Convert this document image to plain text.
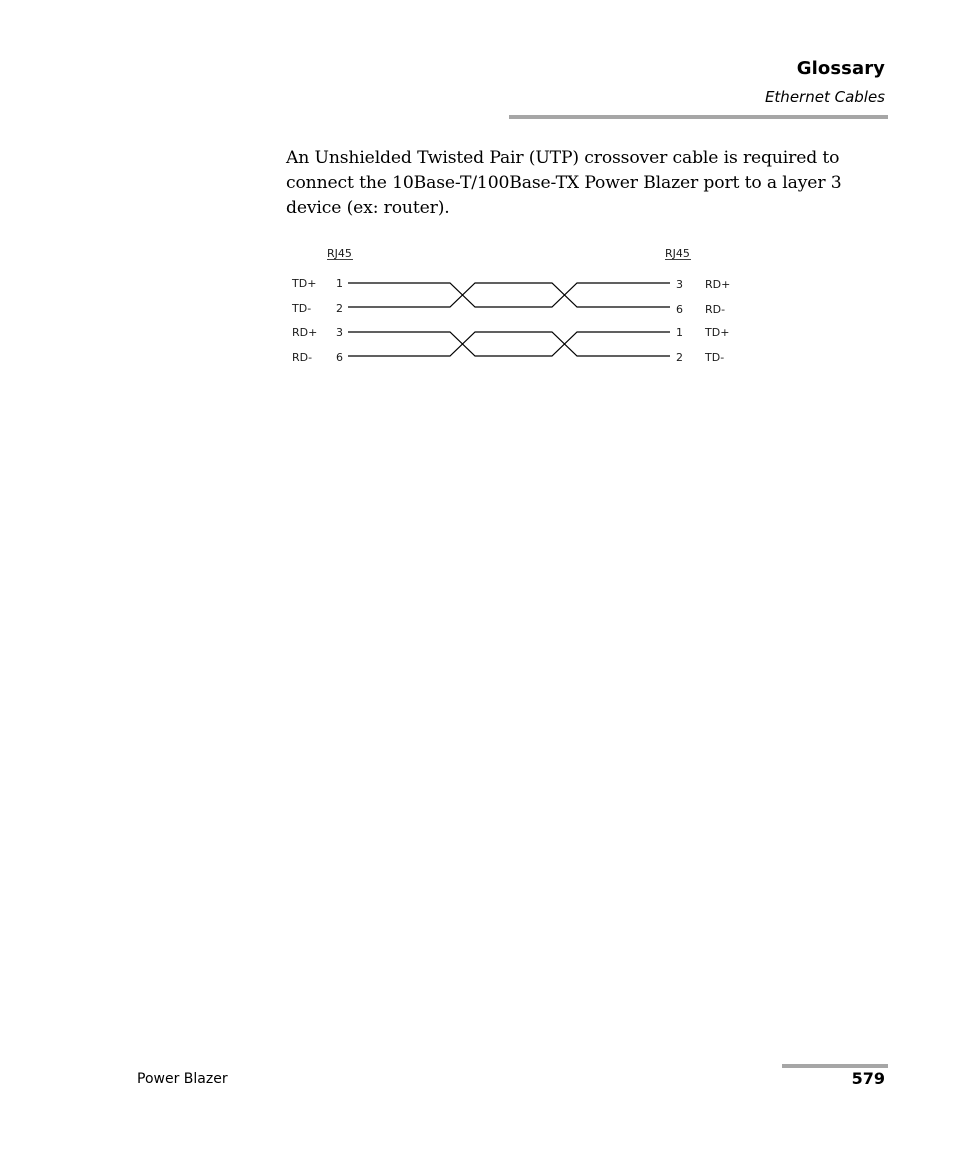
Glossary
Ethernet Cables

An Unshielded Twisted Pair (UTP) crossover cable is required to connect the 10Base-T/100Base-TX Power Blazer port to a layer 3 device (ex: router).

RJ45	RJ45
TD+
TD-
RD+
RD-
1
2
3
6
3
6
1
2
RD+
RD-
TD+
TD-
Power Blazer	579
